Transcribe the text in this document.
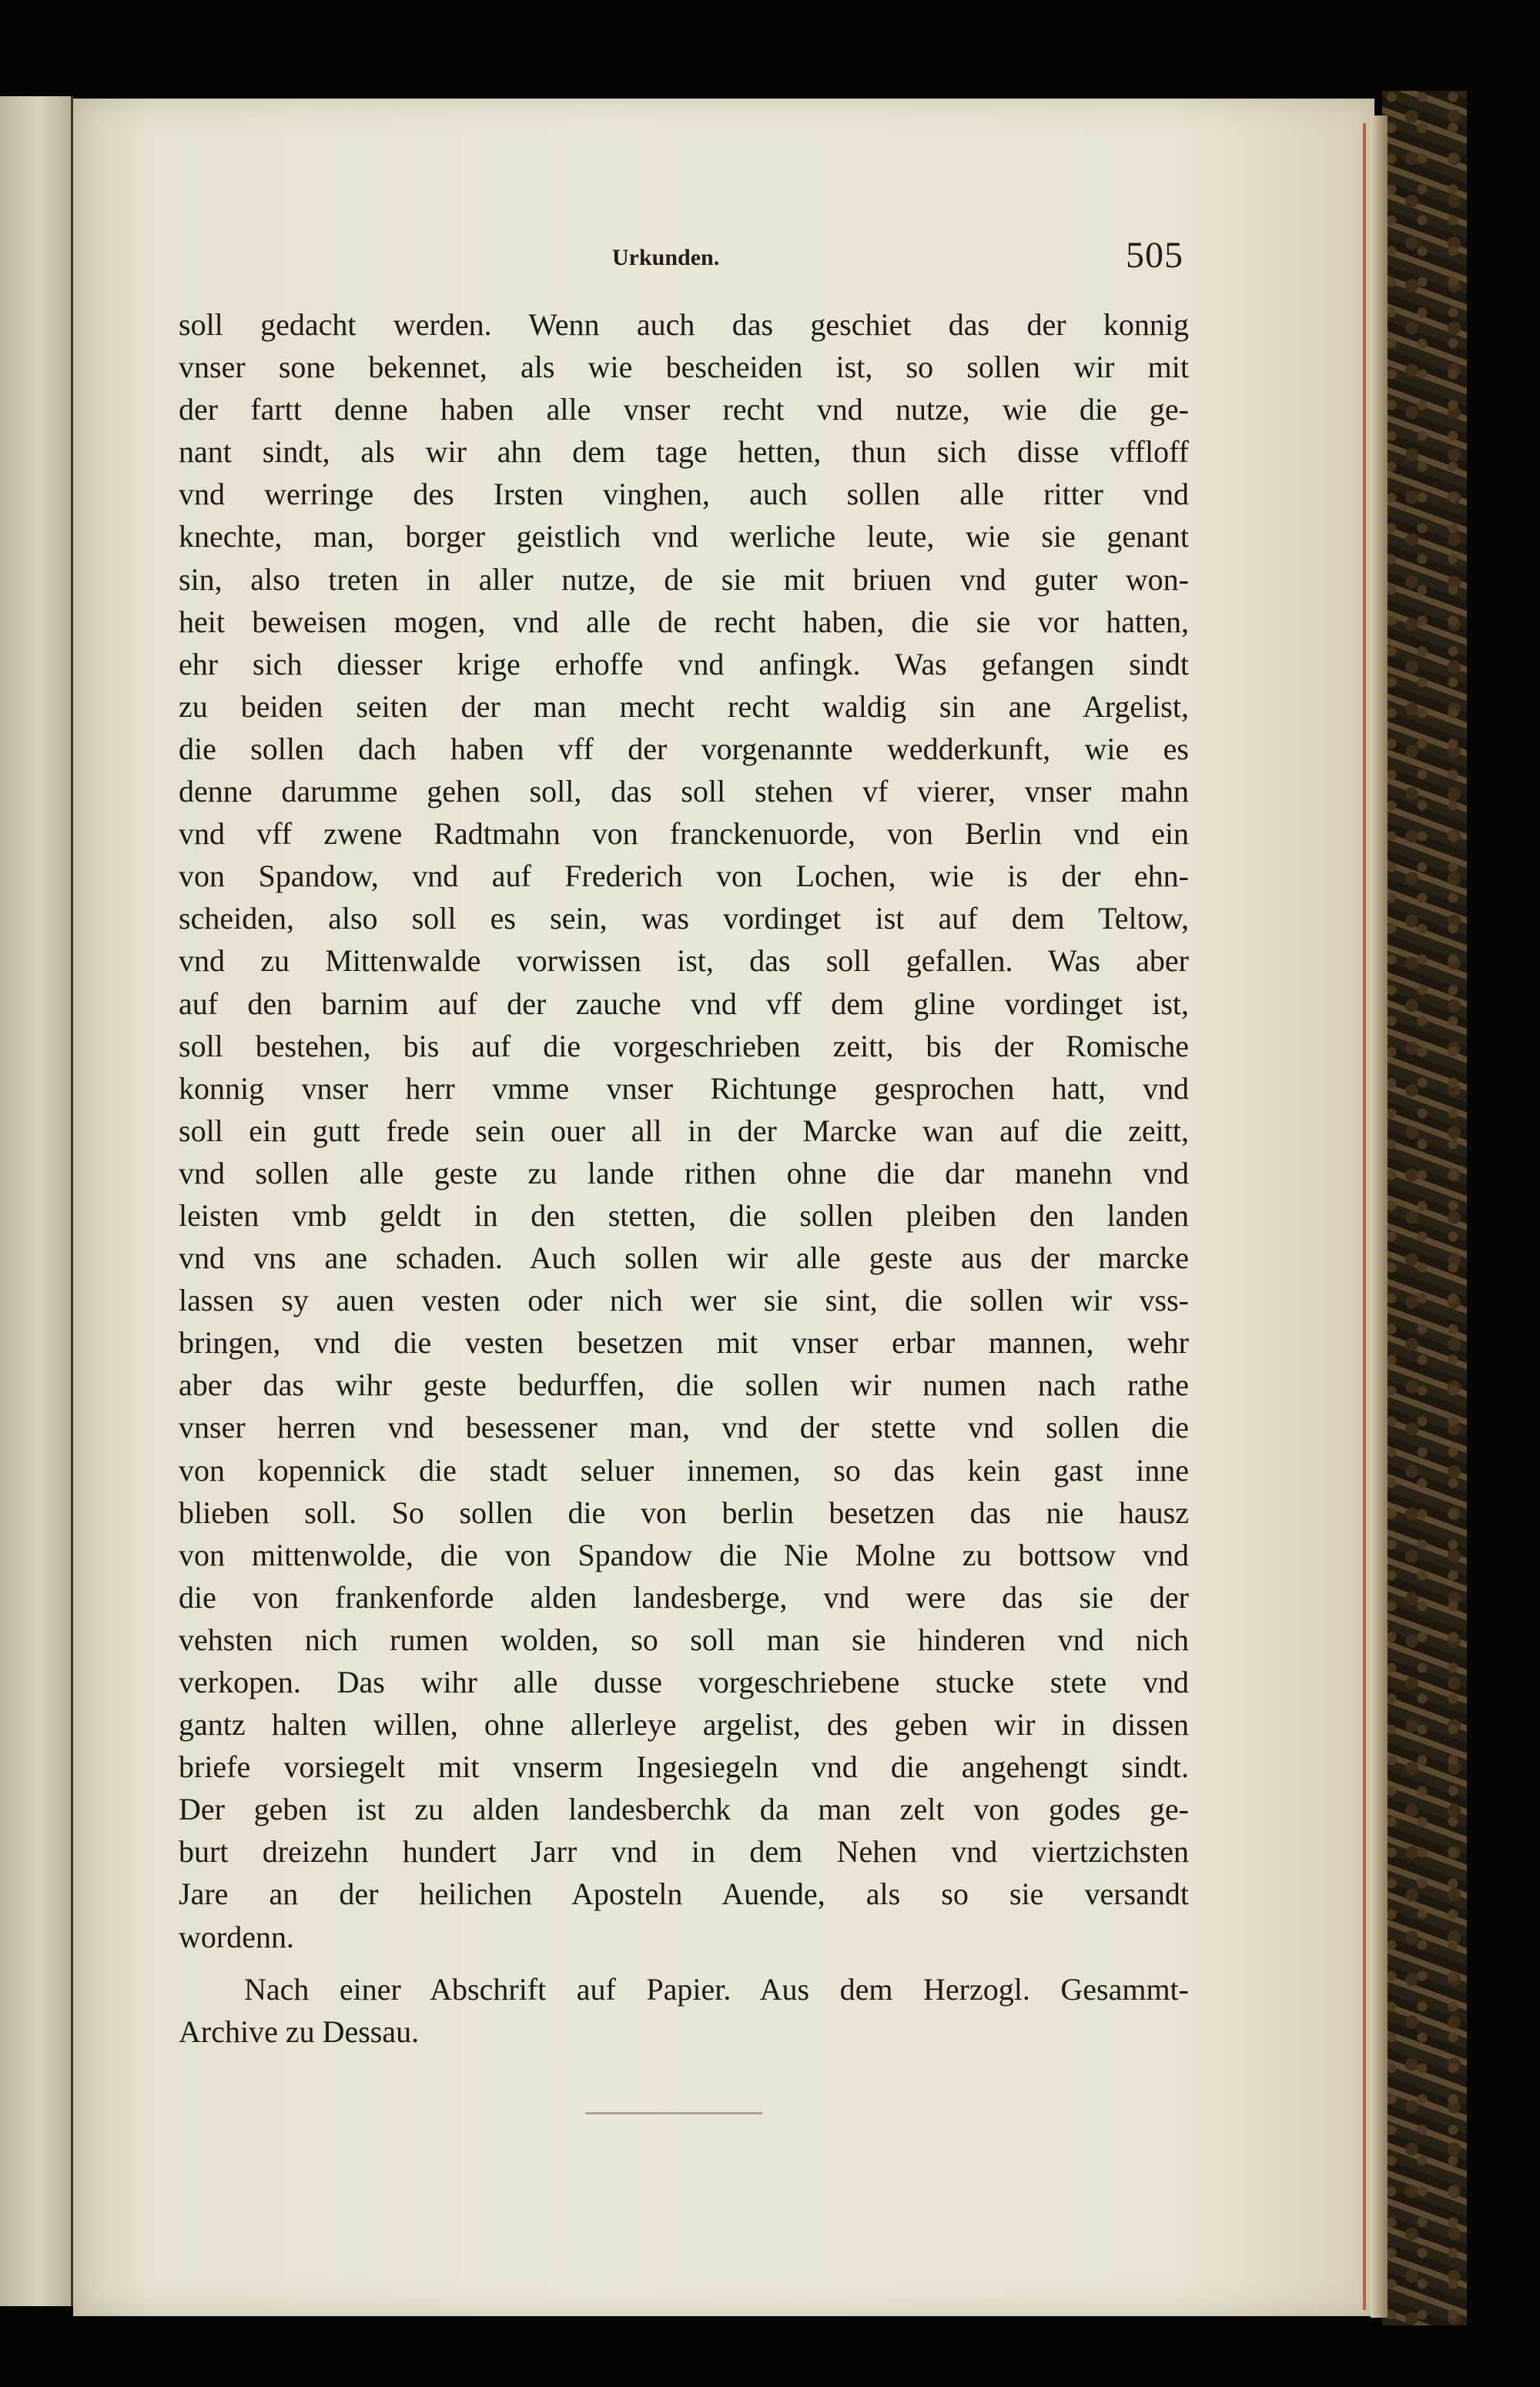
Urkunden.	505
soll gedacht werden. Wenn auch das geschiet das der konnig
vnser sone bekennet, als wie bescheiden ist, so sollen wir mit
der fartt denne haben alle vnser recht vnd nutze, wie die ge-
nant sindt, als wir ahn dem tage hetten, thun sich disse vffloff
vnd werringe des Irsten vinghen, auch sollen alle ritter vnd
knechte, man, borger geistlich vnd werliche leute, wie sie genant
sin, also treten in aller nutze, de sie mit briuen vnd guter won-
heit beweisen mogen, vnd alle de recht haben, die sie vor hatten,
ehr sich diesser krige erhoffe vnd anfingk. Was gefangen sindt
zu beiden seiten der man mecht recht waldig sin ane Argelist,
die sollen dach haben vff der vorgenannte wedderkunft, wie es
denne darumme gehen soll, das soll stehen vf vierer, vnser mahn
vnd vff zwene Radtmahn von franckenuorde, von Berlin vnd ein
von Spandow, vnd auf Frederich von Lochen, wie is der ehn-
scheiden, also soll es sein, was vordinget ist auf dem Teltow,
vnd zu Mittenwalde vorwissen ist, das soll gefallen. Was aber
auf den barnim auf der zauche vnd vff dem gline vordinget ist,
soll bestehen, bis auf die vorgeschrieben zeitt, bis der Romische
konnig vnser herr vmme vnser Richtunge gesprochen hatt, vnd
soll ein gutt frede sein ouer all in der Marcke wan auf die zeitt,
vnd sollen alle geste zu lande rithen ohne die dar manehn vnd
leisten vmb geldt in den stetten, die sollen pleiben den landen
vnd vns ane schaden. Auch sollen wir alle geste aus der marcke
lassen sy auen vesten oder nich wer sie sint, die sollen wir vss-
bringen, vnd die vesten besetzen mit vnser erbar mannen, wehr
aber das wihr geste bedurffen, die sollen wir numen nach rathe
vnser herren vnd besessener man, vnd der stette vnd sollen die
von kopennick die stadt seluer innemen, so das kein gast inne
blieben soll. So sollen die von berlin besetzen das nie hausz
von mittenwolde, die von Spandow die Nie Molne zu bottsow vnd
die von frankenforde alden landesberge, vnd were das sie der
vehsten nich rumen wolden, so soll man sie hinderen vnd nich
verkopen. Das wihr alle dusse vorgeschriebene stucke stete vnd
gantz halten willen, ohne allerleye argelist, des geben wir in dissen
briefe vorsiegelt mit vnserm Ingesiegeln vnd die angehengt sindt.
Der geben ist zu alden landesberchk da man zelt von godes ge-
burt dreizehn hundert Jarr vnd in dem Nehen vnd viertzichsten
Jare an der heilichen Aposteln Auende, als so sie versandt
wordenn.
Nach einer Abschrift auf Papier. Aus dem Herzogl. Gesammt-
Archive zu Dessau.
